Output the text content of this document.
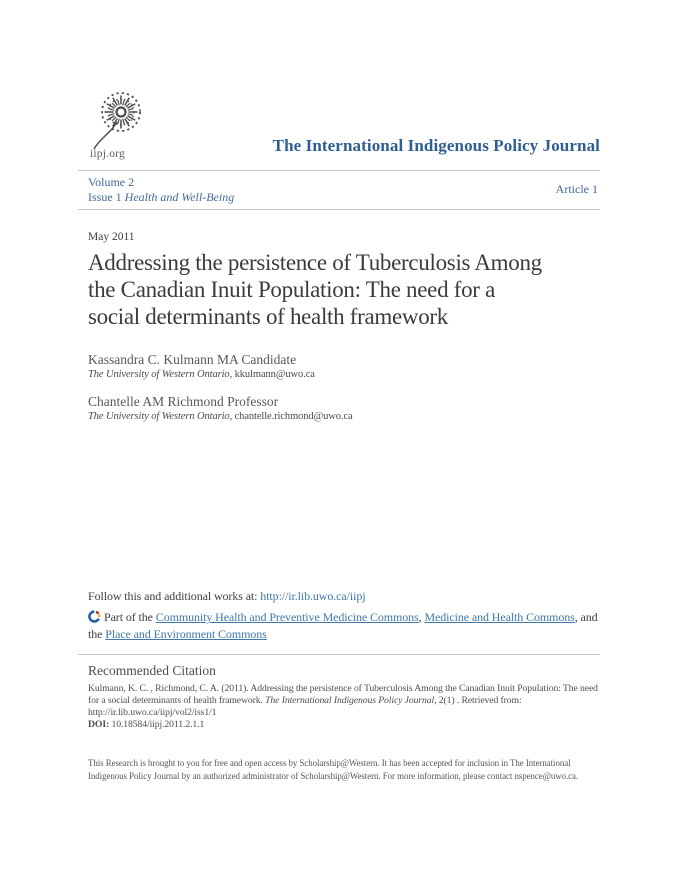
iipj.org	The International Indigenous Policy Journal
Volume 2
Issue 1 Health and Well-Being
Article 1
May 2011
Addressing the persistence of Tuberculosis Among
the Canadian Inuit Population: The need for a
social determinants of health framework
Kassandra C. Kulmann MA Candidate
The University of Western Ontario, kkulmann@uwo.ca
Chantelle AM Richmond Professor
The University of Western Ontario, chantelle.richmond@uwo.ca
Follow this and additional works at: http://ir.lib.uwo.ca/iipj
Part of the Community Health and Preventive Medicine Commons, Medicine and Health Commons, and the Place and Environment Commons
Recommended Citation

Kulmann, K. C. , Richmond, C. A. (2011). Addressing the persistence of Tuberculosis Among the Canadian Inuit Population: The need for a social determinants of health framework. The International Indigenous Policy Journal, 2(1) . Retrieved from:
http://ir.lib.uwo.ca/iipj/vol2/iss1/1
DOI: 10.18584/iipj.2011.2.1.1

This Research is brought to you for free and open access by Scholarship@Western. It has been accepted for inclusion in The International Indigenous Policy Journal by an authorized administrator of Scholarship@Western. For more information, please contact nspence@uwo.ca.
